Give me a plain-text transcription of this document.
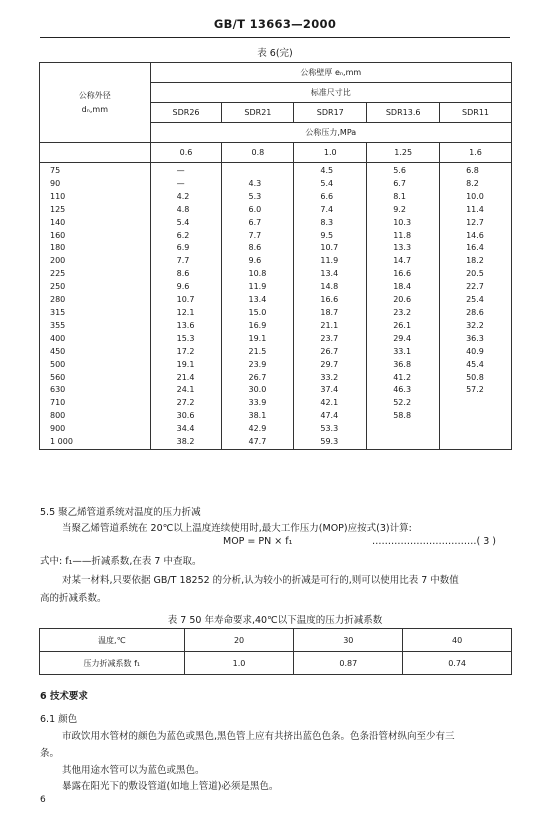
GB/T 13663—2000
表 6(完)
公称外径
dₙ,mm	公称壁厚 eₙ,mm				
	标准尺寸比				
	SDR26	SDR21	SDR17	SDR13.6	SDR11
	公称压力,MPa				
	0.6	0.8	1.0	1.25	1.6
75	—		4.5	5.6	6.8
90	—	4.3	5.4	6.7	8.2
110	4.2	5.3	6.6	8.1	10.0
125	4.8	6.0	7.4	9.2	11.4
140	5.4	6.7	8.3	10.3	12.7
160	6.2	7.7	9.5	11.8	14.6
180	6.9	8.6	10.7	13.3	16.4
200	7.7	9.6	11.9	14.7	18.2
225	8.6	10.8	13.4	16.6	20.5
250	9.6	11.9	14.8	18.4	22.7
280	10.7	13.4	16.6	20.6	25.4
315	12.1	15.0	18.7	23.2	28.6
355	13.6	16.9	21.1	26.1	32.2
400	15.3	19.1	23.7	29.4	36.3
450	17.2	21.5	26.7	33.1	40.9
500	19.1	23.9	29.7	36.8	45.4
560	21.4	26.7	33.2	41.2	50.8
630	24.1	30.0	37.4	46.3	57.2
710	27.2	33.9	42.1	52.2	
800	30.6	38.1	47.4	58.8	
900	34.4	42.9	53.3		
1 000	38.2	47.7	59.3		
5.5 聚乙烯管道系统对温度的压力折减
当聚乙烯管道系统在 20℃以上温度连续使用时,最大工作压力(MOP)应按式(3)计算:
MOP = PN × f₁	……………………………( 3 )
式中: f₁——折减系数,在表 7 中查取。
对某一材料,只要依据 GB/T 18252 的分析,认为较小的折减是可行的,则可以使用比表 7 中数值
高的折减系数。
表 7 50 年寿命要求,40℃以下温度的压力折减系数
温度,℃	20	30	40
压力折减系数 f₁	1.0	0.87	0.74
6 技术要求
6.1 颜色
市政饮用水管材的颜色为蓝色或黑色,黑色管上应有共挤出蓝色色条。色条沿管材纵向至少有三
条。
其他用途水管可以为蓝色或黑色。
暴露在阳光下的敷设管道(如地上管道)必须是黑色。
6
